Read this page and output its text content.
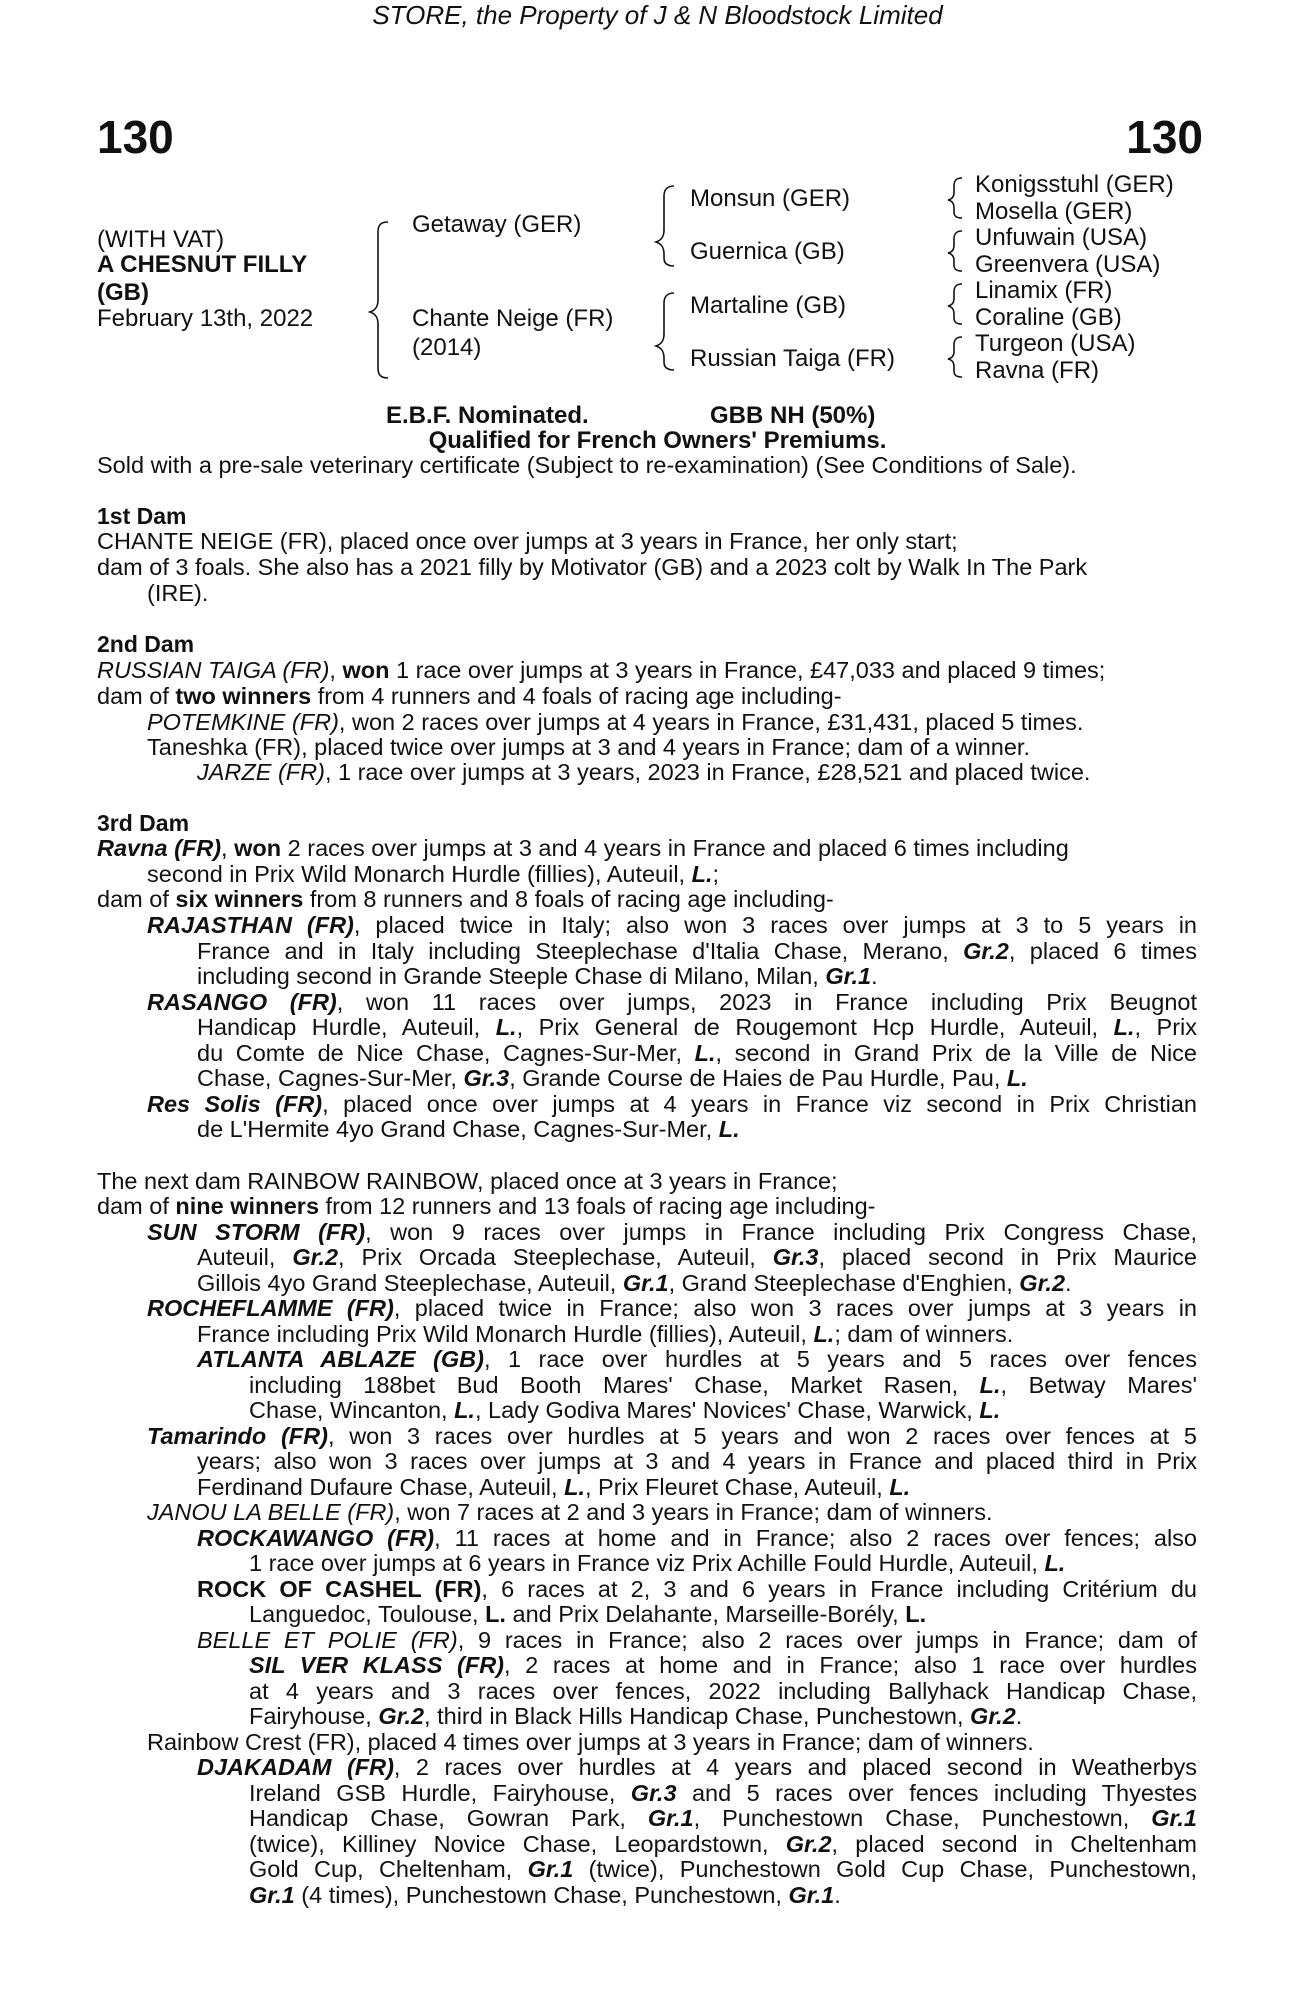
STORE, the Property of J & N Bloodstock Limited
130	130
(WITH VAT)
A CHESNUT FILLY
(GB)
February 13th, 2022
Getaway (GER)
Chante Neige (FR)
(2014)
Monsun (GER)
Guernica (GB)
Martaline (GB)
Russian Taiga (FR)
Konigsstuhl (GER)
Mosella (GER)
Unfuwain (USA)
Greenvera (USA)
Linamix (FR)
Coraline (GB)
Turgeon (USA)
Ravna (FR)
E.B.F. Nominated.	GBB NH (50%)
Qualified for French Owners' Premiums.
Sold with a pre-sale veterinary certificate (Subject to re-examination) (See Conditions of Sale).
1st Dam
CHANTE NEIGE (FR), placed once over jumps at 3 years in France, her only start;
dam of 3 foals. She also has a 2021 filly by Motivator (GB) and a 2023 colt by Walk In The Park
(IRE).
2nd Dam
RUSSIAN TAIGA (FR), won 1 race over jumps at 3 years in France, £47,033 and placed 9 times;
dam of two winners from 4 runners and 4 foals of racing age including-
POTEMKINE (FR), won 2 races over jumps at 4 years in France, £31,431, placed 5 times.
Taneshka (FR), placed twice over jumps at 3 and 4 years in France; dam of a winner.
JARZE (FR), 1 race over jumps at 3 years, 2023 in France, £28,521 and placed twice.
3rd Dam
Ravna (FR), won 2 races over jumps at 3 and 4 years in France and placed 6 times including
second in Prix Wild Monarch Hurdle (fillies), Auteuil, L.;
dam of six winners from 8 runners and 8 foals of racing age including-
RAJASTHAN (FR), placed twice in Italy; also won 3 races over jumps at 3 to 5 years in
France and in Italy including Steeplechase d'Italia Chase, Merano, Gr.2, placed 6 times
including second in Grande Steeple Chase di Milano, Milan, Gr.1.
RASANGO (FR), won 11 races over jumps, 2023 in France including Prix Beugnot
Handicap Hurdle, Auteuil, L., Prix General de Rougemont Hcp Hurdle, Auteuil, L., Prix
du Comte de Nice Chase, Cagnes-Sur-Mer, L., second in Grand Prix de la Ville de Nice
Chase, Cagnes-Sur-Mer, Gr.3, Grande Course de Haies de Pau Hurdle, Pau, L.
Res Solis (FR), placed once over jumps at 4 years in France viz second in Prix Christian
de L'Hermite 4yo Grand Chase, Cagnes-Sur-Mer, L.
The next dam RAINBOW RAINBOW, placed once at 3 years in France;
dam of nine winners from 12 runners and 13 foals of racing age including-
SUN STORM (FR), won 9 races over jumps in France including Prix Congress Chase,
Auteuil, Gr.2, Prix Orcada Steeplechase, Auteuil, Gr.3, placed second in Prix Maurice
Gillois 4yo Grand Steeplechase, Auteuil, Gr.1, Grand Steeplechase d'Enghien, Gr.2.
ROCHEFLAMME (FR), placed twice in France; also won 3 races over jumps at 3 years in
France including Prix Wild Monarch Hurdle (fillies), Auteuil, L.; dam of winners.
ATLANTA ABLAZE (GB), 1 race over hurdles at 5 years and 5 races over fences
including 188bet Bud Booth Mares' Chase, Market Rasen, L., Betway Mares'
Chase, Wincanton, L., Lady Godiva Mares' Novices' Chase, Warwick, L.
Tamarindo (FR), won 3 races over hurdles at 5 years and won 2 races over fences at 5
years; also won 3 races over jumps at 3 and 4 years in France and placed third in Prix
Ferdinand Dufaure Chase, Auteuil, L., Prix Fleuret Chase, Auteuil, L.
JANOU LA BELLE (FR), won 7 races at 2 and 3 years in France; dam of winners.
ROCKAWANGO (FR), 11 races at home and in France; also 2 races over fences; also
1 race over jumps at 6 years in France viz Prix Achille Fould Hurdle, Auteuil, L.
ROCK OF CASHEL (FR), 6 races at 2, 3 and 6 years in France including Critérium du
Languedoc, Toulouse, L. and Prix Delahante, Marseille-Borély, L.
BELLE ET POLIE (FR), 9 races in France; also 2 races over jumps in France; dam of
SIL VER KLASS (FR), 2 races at home and in France; also 1 race over hurdles
at 4 years and 3 races over fences, 2022 including Ballyhack Handicap Chase,
Fairyhouse, Gr.2, third in Black Hills Handicap Chase, Punchestown, Gr.2.
Rainbow Crest (FR), placed 4 times over jumps at 3 years in France; dam of winners.
DJAKADAM (FR), 2 races over hurdles at 4 years and placed second in Weatherbys
Ireland GSB Hurdle, Fairyhouse, Gr.3 and 5 races over fences including Thyestes
Handicap Chase, Gowran Park, Gr.1, Punchestown Chase, Punchestown, Gr.1
(twice), Killiney Novice Chase, Leopardstown, Gr.2, placed second in Cheltenham
Gold Cup, Cheltenham, Gr.1 (twice), Punchestown Gold Cup Chase, Punchestown,
Gr.1 (4 times), Punchestown Chase, Punchestown, Gr.1.
